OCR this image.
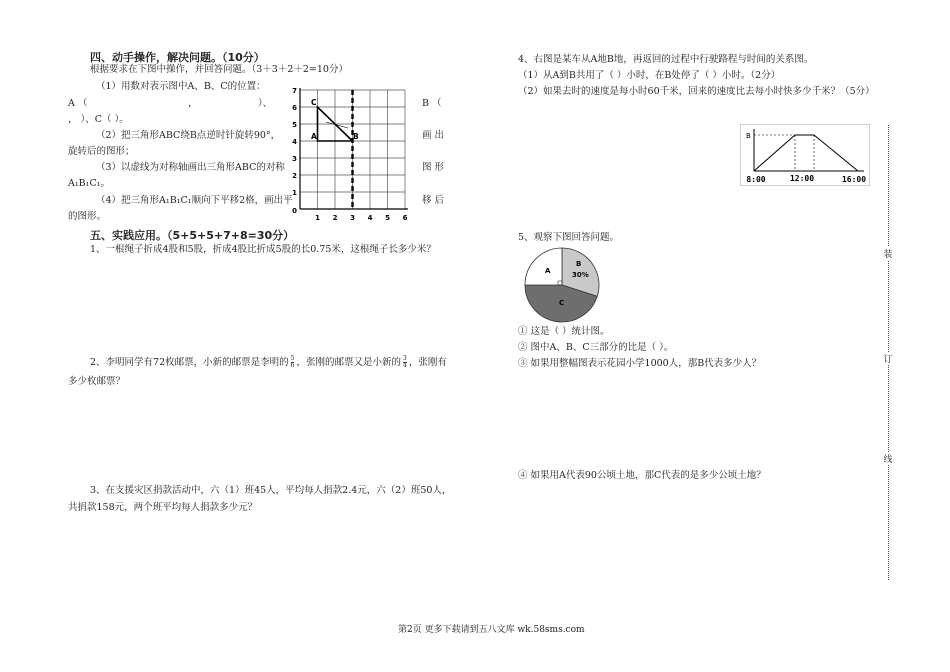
四、动手操作，解决问题。（10分）
根据要求在下图中操作，并回答问题。（3＋3＋2＋2=10分）
（1）用数对表示图中A、B、C的位置：
A （	，	）、	B （
， ）、C（ ）。
（2）把三角形ABC绕B点逆时针旋转90°，	画 出
旋转后的图形；
（3）以虚线为对称轴画出三角形ABC的对称	图 形
A₁B₁C₁。
（4）把三角形A₁B₁C₁顺向下平移2格，画出平	移 后
的图形。
C
A	B
7
6
5
4
3
2
1
0
1 2 3 4 5 6
五、实践应用。（5+5+5+7+8=30分）
1、一根绳子折成4股和5股，折成4股比折成5股的长0.75米，这根绳子长多少米？
2、李明同学有72枚邮票，小新的邮票是李明的 $\frac{5}{6}$ ，张刚的邮票又是小新的 $\frac{3}{4}$ ，张刚有
多少枚邮票？
3、在支援灾区捐款活动中，六（1）班45人，平均每人捐款2.4元，六（2）班50人，
共捐款158元，两个班平均每人捐款多少元？
4、右图是某车从A地B地，再返回的过程中行驶路程与时间的关系图。
（1）从A到B共用了（ ）小时，在B处停了（ ）小时。（2分）
（2）如果去时的速度是每小时60千米，回来的速度比去每小时快多少千米？（5分）
B
8:00	12:00	16:00
5、观察下图回答问题。
A
B
30%
C
① 这是（ ）统计图。
② 图中A、B、C三部分的比是（ ）。
③ 如果用整幅图表示花园小学1000人，那B代表多少人？
④ 如果用A代表90公顷土地，那C代表的是多少公顷土地？
装
订
线
第2页 更多下载请到五八文库 wk.58sms.com
